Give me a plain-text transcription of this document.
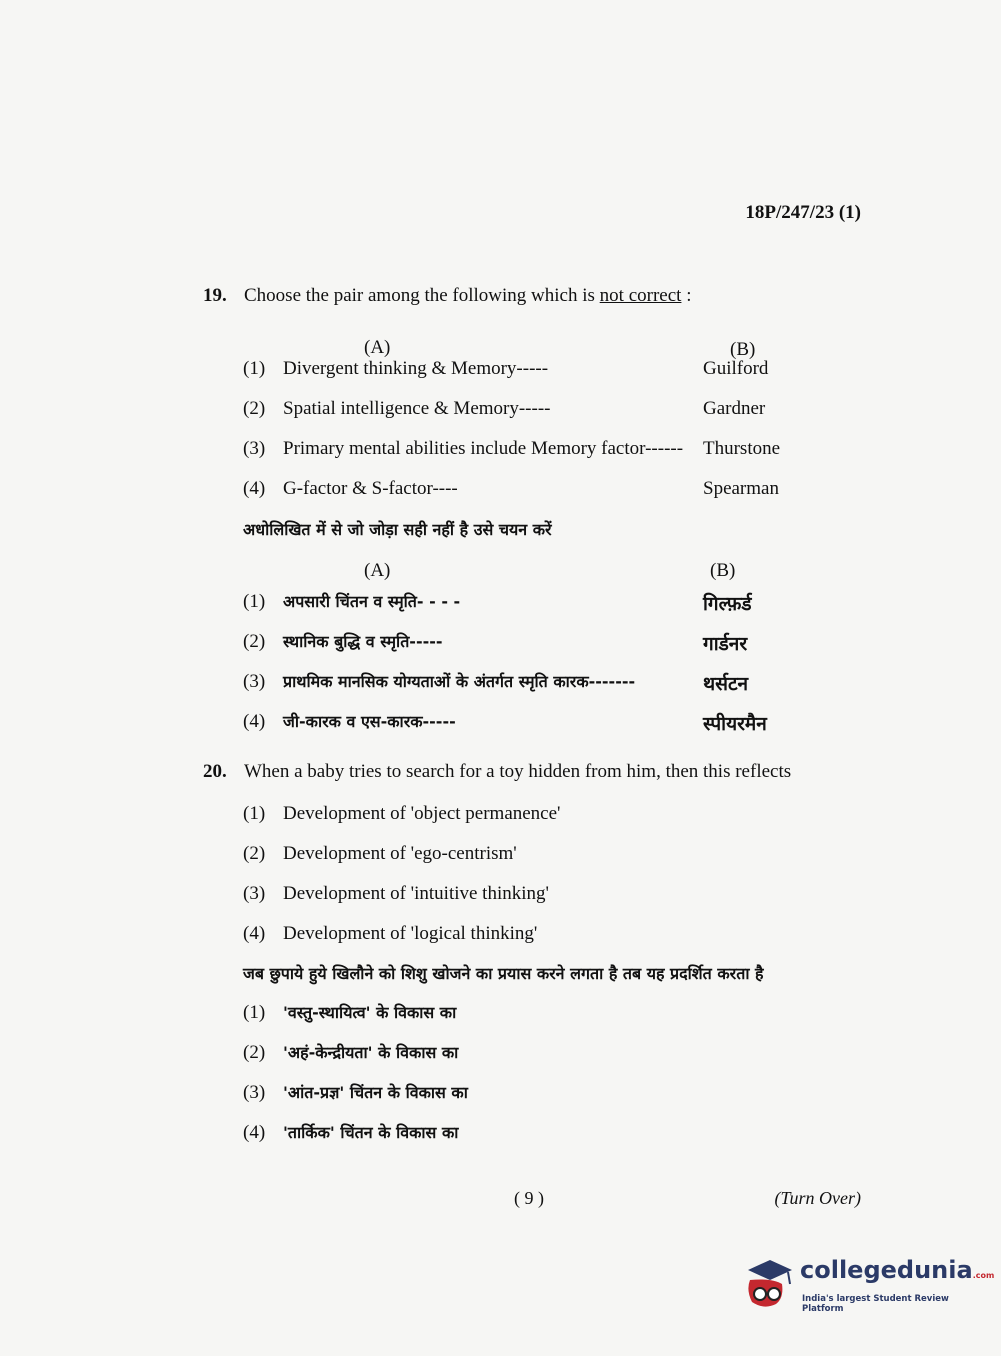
18P/247/23 (1)
19. Choose the pair among the following which is not correct :
(A)	(B)
(1) Divergent thinking & Memory-----	Guilford
(2) Spatial intelligence & Memory-----	Gardner
(3) Primary mental abilities include Memory factor------ Thurstone
(4) G-factor & S-factor----	Spearman
अधोलिखित में से जो जोड़ा सही नहीं है उसे चयन करें
(A)	(B)
(1) अपसारी चिंतन व स्मृति- - - -	गिल्फ़र्ड
(2) स्थानिक बुद्धि व स्मृति-----	गार्डनर
(3) प्राथमिक मानसिक योग्यताओं के अंतर्गत स्मृति कारक-------	थर्सटन
(4) जी-कारक व एस-कारक-----	स्पीयरमैन
20. When a baby tries to search for a toy hidden from him, then this reflects
(1) Development of 'object permanence'
(2) Development of 'ego-centrism'
(3) Development of 'intuitive thinking'
(4) Development of 'logical thinking'
जब छुपाये हुये खिलौने को शिशु खोजने का प्रयास करने लगता है तब यह प्रदर्शित करता है
(1) 'वस्तु-स्थायित्व' के विकास का
(2) 'अहं-केन्द्रीयता' के विकास का
(3) 'आंत-प्रज्ञ' चिंतन के विकास का
(4) 'तार्किक' चिंतन के विकास का
( 9 )	(Turn Over)
collegedunia.com
India's largest Student Review Platform
